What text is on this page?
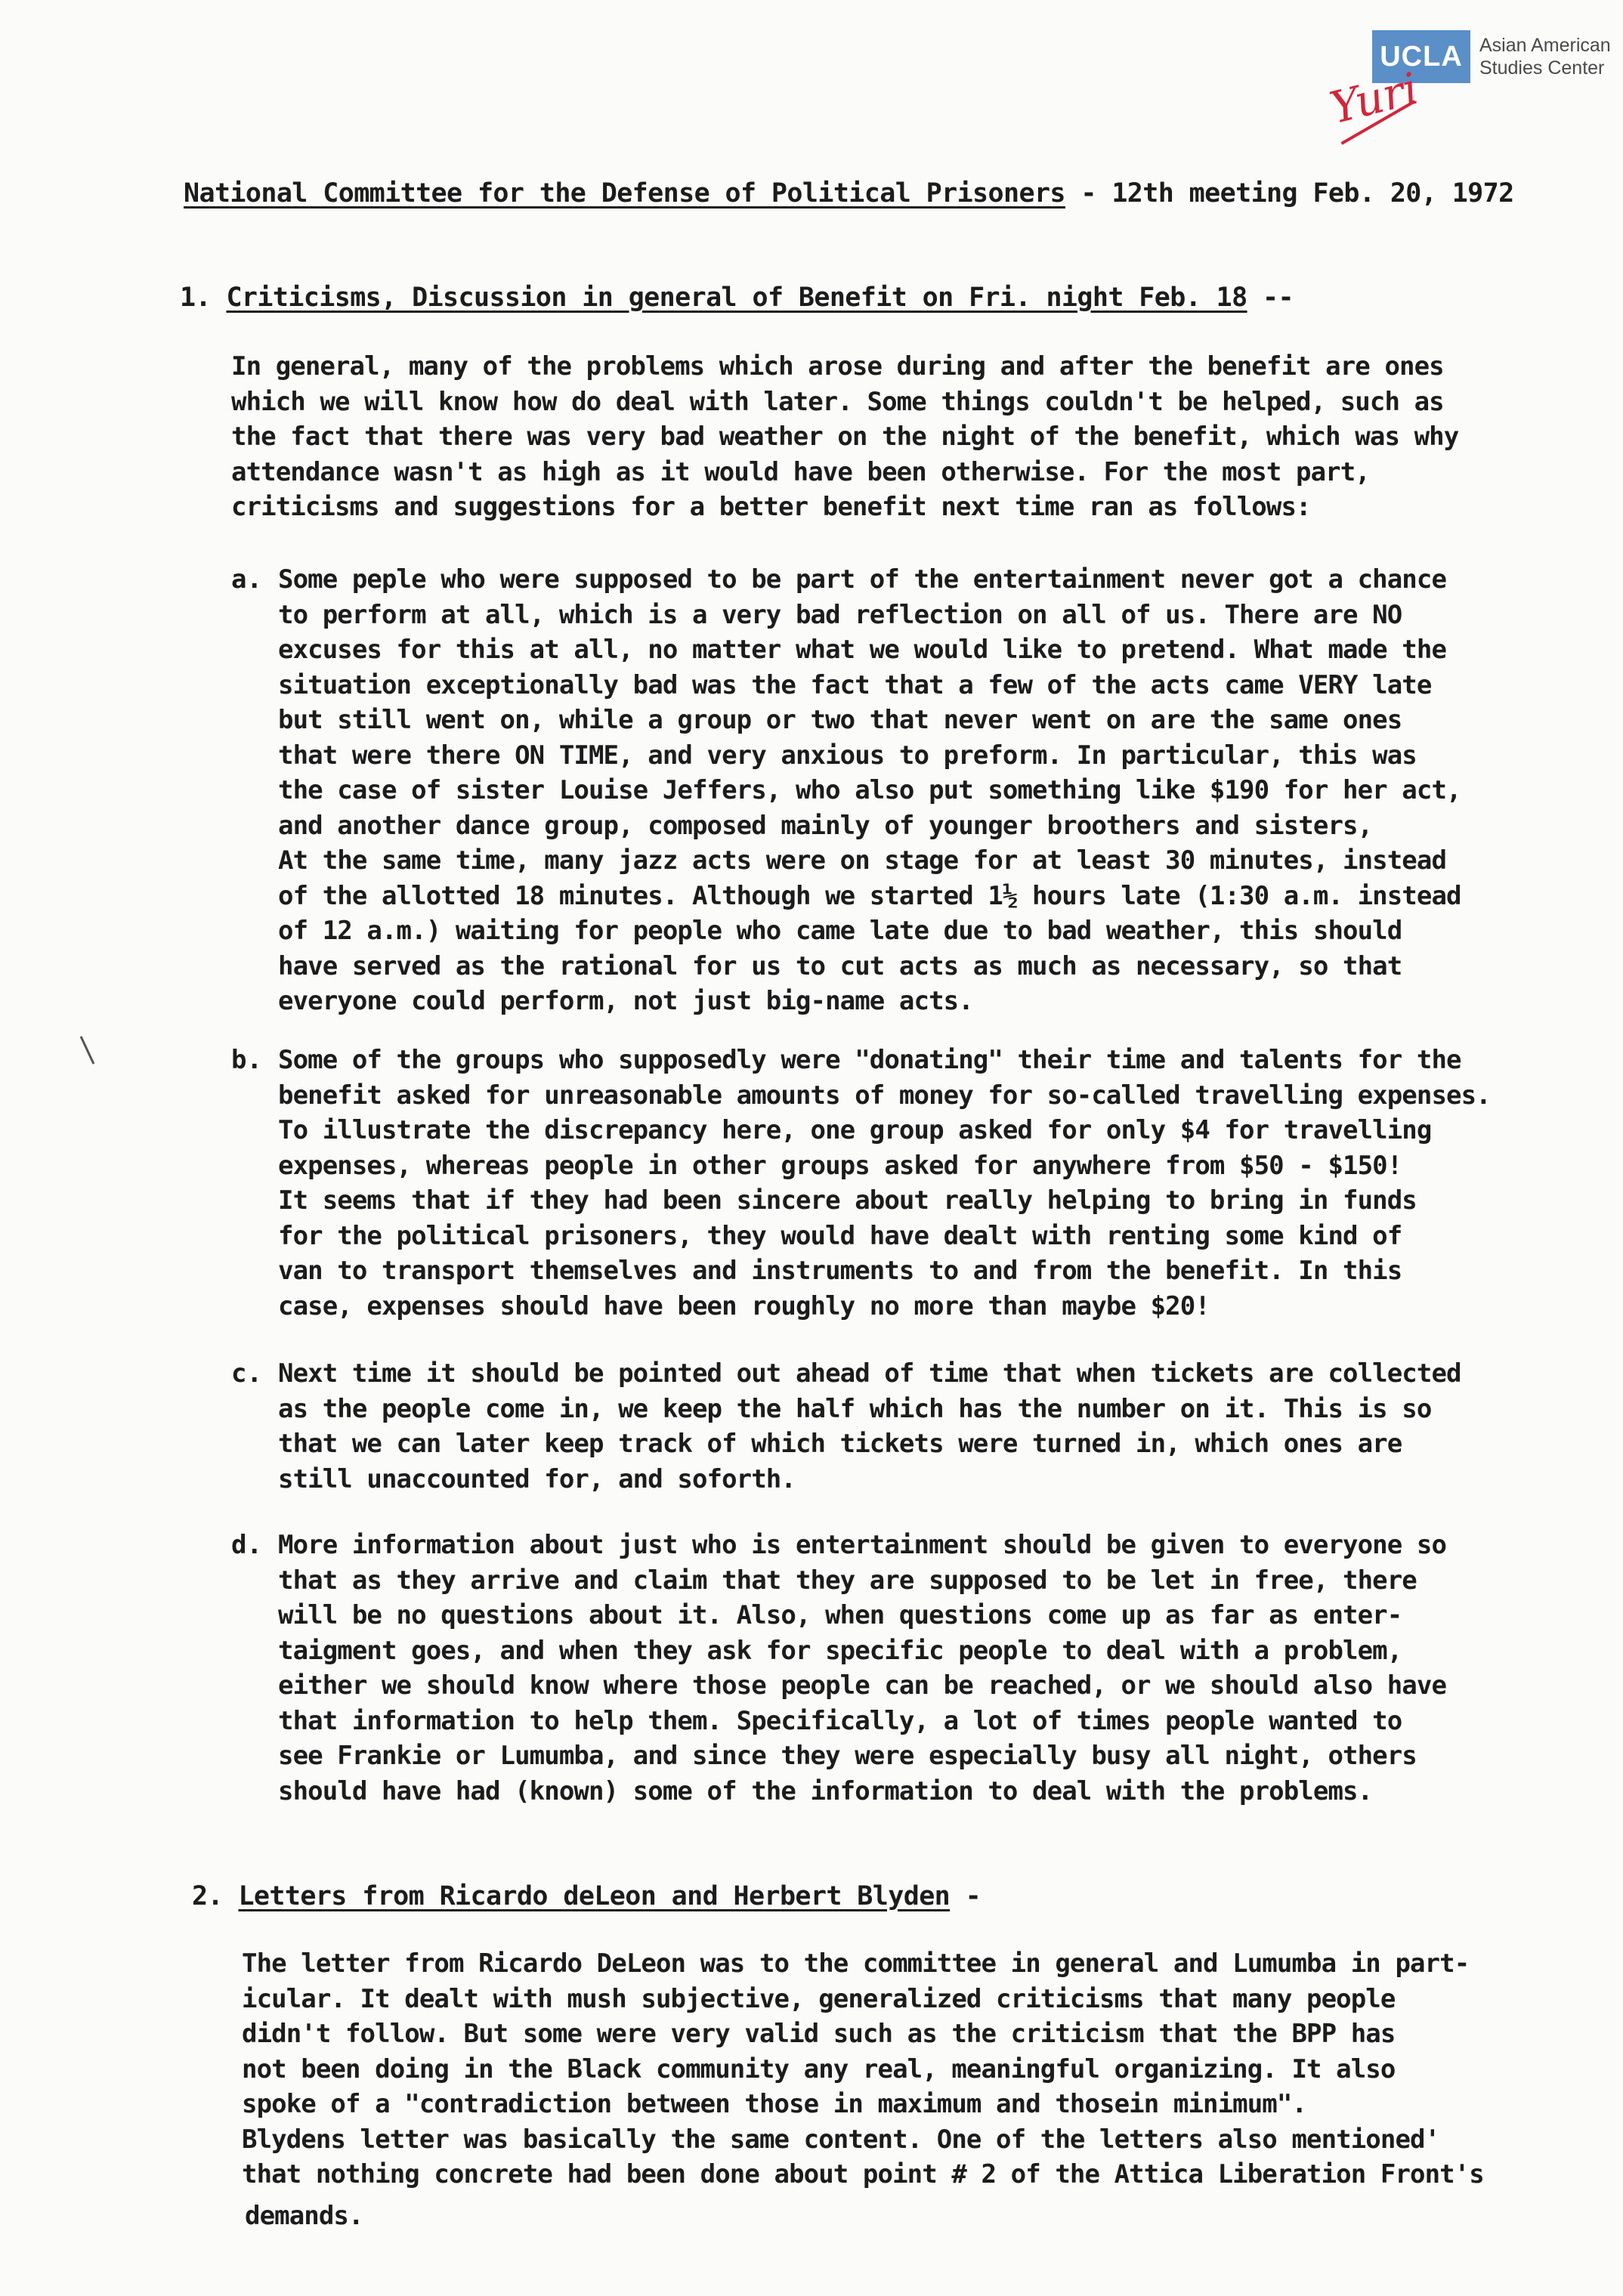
UCLA Asian American
Studies Center
Yuri
National Committee for the Defense of Political Prisoners - 12th meeting Feb. 20, 1972
1. Criticisms, Discussion in general of Benefit on Fri. night Feb. 18 --
In general, many of the problems which arose during and after the benefit are ones
which we will know how do deal with later. Some things couldn't be helped, such as
the fact that there was very bad weather on the night of the benefit, which was why
attendance wasn't as high as it would have been otherwise. For the most part,
criticisms and suggestions for a better benefit next time ran as follows:
a. Some peple who were supposed to be part of the entertainment never got a chance
to perform at all, which is a very bad reflection on all of us. There are NO
excuses for this at all, no matter what we would like to pretend. What made the
situation exceptionally bad was the fact that a few of the acts came VERY late
but still went on, while a group or two that never went on are the same ones
that were there ON TIME, and very anxious to preform. In particular, this was
the case of sister Louise Jeffers, who also put something like $190 for her act,
and another dance group, composed mainly of younger broothers and sisters,
At the same time, many jazz acts were on stage for at least 30 minutes, instead
of the allotted 18 minutes. Although we started 1½ hours late (1:30 a.m. instead
of 12 a.m.) waiting for people who came late due to bad weather, this should
have served as the rational for us to cut acts as much as necessary, so that
everyone could perform, not just big-name acts.
b. Some of the groups who supposedly were "donating" their time and talents for the
benefit asked for unreasonable amounts of money for so-called travelling expenses.
To illustrate the discrepancy here, one group asked for only $4 for travelling
expenses, whereas people in other groups asked for anywhere from $50 - $150!
It seems that if they had been sincere about really helping to bring in funds
for the political prisoners, they would have dealt with renting some kind of
van to transport themselves and instruments to and from the benefit. In this
case, expenses should have been roughly no more than maybe $20!
c. Next time it should be pointed out ahead of time that when tickets are collected
as the people come in, we keep the half which has the number on it. This is so
that we can later keep track of which tickets were turned in, which ones are
still unaccounted for, and soforth.
d. More information about just who is entertainment should be given to everyone so
that as they arrive and claim that they are supposed to be let in free, there
will be no questions about it. Also, when questions come up as far as enter-
taigment goes, and when they ask for specific people to deal with a problem,
either we should know where those people can be reached, or we should also have
that information to help them. Specifically, a lot of times people wanted to
see Frankie or Lumumba, and since they were especially busy all night, others
should have had (known) some of the information to deal with the problems.
2. Letters from Ricardo deLeon and Herbert Blyden -
The letter from Ricardo DeLeon was to the committee in general and Lumumba in part-
icular. It dealt with mush subjective, generalized criticisms that many people
didn't follow. But some were very valid such as the criticism that the BPP has
not been doing in the Black community any real, meaningful organizing. It also
spoke of a "contradiction between those in maximum and thosein minimum".
Blydens letter was basically the same content. One of the letters also mentioned'
that nothing concrete had been done about point # 2 of the Attica Liberation Front's
demands.
